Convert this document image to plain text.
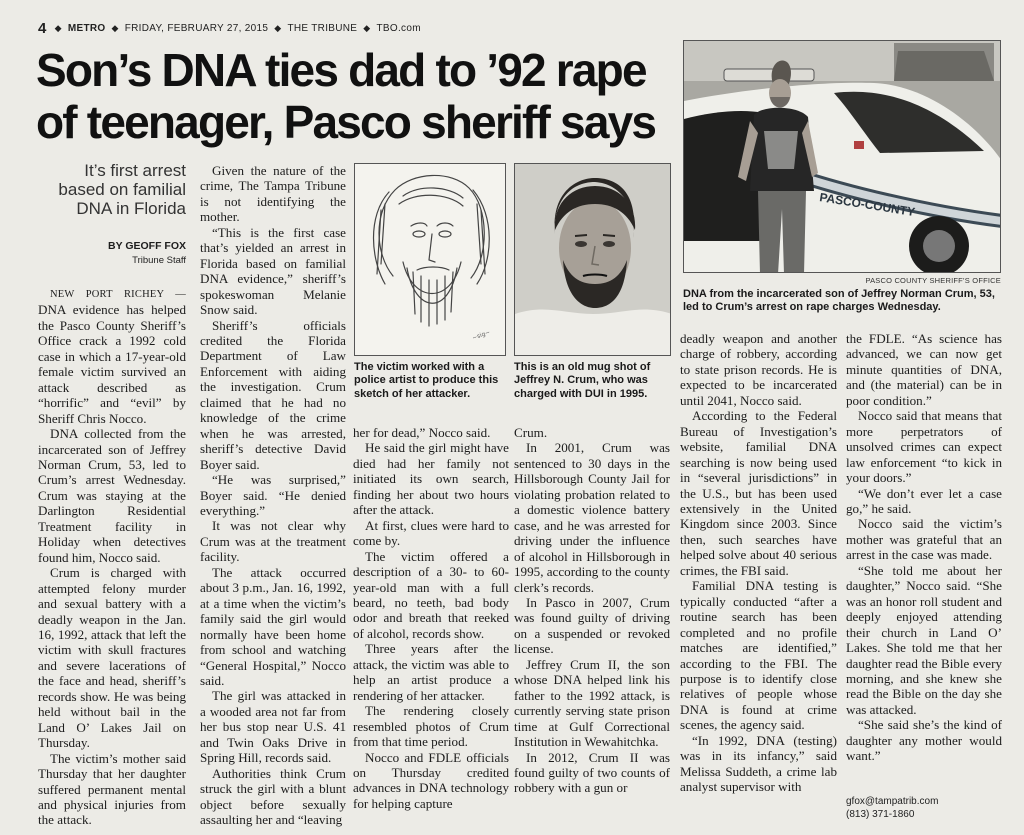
4 ◆ METRO ◆ FRIDAY, FEBRUARY 27, 2015 ◆ THE TRIBUNE ◆ TBO.com
Son’s DNA ties dad to ’92 rape
of teenager, Pasco sheriff says
It’s first arrest
based on familial
DNA in Florida
BY GEOFF FOX
Tribune Staff

NEW PORT RICHEY — DNA evidence has helped the Pasco County Sheriff’s Office crack a 1992 cold case in which a 17-year-old female victim survived an attack described as “horrific” and “evil” by Sheriff Chris Nocco.

DNA collected from the incarcerated son of Jeffrey Norman Crum, 53, led to Crum’s arrest Wednesday. Crum was staying at the Darlington Residential Treatment facility in Holiday when detectives found him, Nocco said.

Crum is charged with attempted felony murder and sexual battery with a deadly weapon in the Jan. 16, 1992, attack that left the victim with skull fractures and severe lacerations of the face and head, sheriff’s records show. He was being held without bail in the Land O’ Lakes Jail on Thursday.

The victim’s mother said Thursday that her daughter suffered permanent mental and physical injuries from the attack.

Given the nature of the crime, The Tampa Tribune is not identifying the mother.

“This is the first case that’s yielded an arrest in Florida based on familial DNA evidence,” sheriff’s spokeswoman Melanie Snow said.

Sheriff’s officials credited the Florida Department of Law Enforcement with aiding the investigation. Crum claimed that he had no knowledge of the crime when he was arrested, sheriff’s detective David Boyer said.

“He was surprised,” Boyer said. “He denied everything.”

It was not clear why Crum was at the treatment facility.

The attack occurred about 3 p.m., Jan. 16, 1992, at a time when the victim’s family said the girl would normally have been home from school and watching “General Hospital,” Nocco said.

The girl was attacked in a wooded area not far from her bus stop near U.S. 41 and Twin Oaks Drive in Spring Hill, records said.

Authorities think Crum struck the girl with a blunt object before sexually assaulting her and “leaving

~sig~
The victim worked with a police artist to produce this sketch of her attacker.
This is an old mug shot of Jeffrey N. Crum, who was charged with DUI in 1995.
PASCO-COUNTY
PASCO COUNTY SHERIFF’S OFFICE
DNA from the incarcerated son of Jeffrey Norman Crum, 53, led to Crum’s arrest on rape charges Wednesday.

her for dead,” Nocco said.

He said the girl might have died had her family not initiated its own search, finding her about two hours after the attack.

At first, clues were hard to come by.

The victim offered a description of a 30- to 60-year-old man with a full beard, no teeth, bad body odor and breath that reeked of alcohol, records show.

Three years after the attack, the victim was able to help an artist produce a rendering of her attacker.

The rendering closely resembled photos of Crum from that time period.

Nocco and FDLE officials on Thursday credited advances in DNA technology for helping capture

Crum.

In 2001, Crum was sentenced to 30 days in the Hillsborough County Jail for violating probation related to a domestic violence battery case, and he was arrested for driving under the influence of alcohol in Hillsborough in 1995, according to the county clerk’s records.

In Pasco in 2007, Crum was found guilty of driving on a suspended or revoked license.

Jeffrey Crum II, the son whose DNA helped link his father to the 1992 attack, is currently serving state prison time at Gulf Correctional Institution in Wewahitchka.

In 2012, Crum II was found guilty of two counts of robbery with a gun or

deadly weapon and another charge of robbery, according to state prison records. He is expected to be incarcerated until 2041, Nocco said.

According to the Federal Bureau of Investigation’s website, familial DNA searching is now being used in “several jurisdictions” in the U.S., but has been used extensively in the United Kingdom since 2003. Since then, such searches have helped solve about 40 serious crimes, the FBI said.

Familial DNA testing is typically conducted “after a routine search has been completed and no profile matches are identified,” according to the FBI. The purpose is to identify close relatives of people whose DNA is found at crime scenes, the agency said.

“In 1992, DNA (testing) was in its infancy,” said Melissa Suddeth, a crime lab analyst supervisor with

the FDLE. “As science has advanced, we can now get minute quantities of DNA, and (the material) can be in poor condition.”

Nocco said that means that more perpetrators of unsolved crimes can expect law enforcement “to kick in your doors.”

“We don’t ever let a case go,” he said.

Nocco said the victim’s mother was grateful that an arrest in the case was made.

“She told me about her daughter,” Nocco said. “She was an honor roll student and deeply enjoyed attending their church in Land O’ Lakes. She told me that her daughter read the Bible every morning, and she knew she read the Bible on the day she was attacked.

“She said she’s the kind of daughter any mother would want.”

gfox@tampatrib.com
(813) 371-1860
